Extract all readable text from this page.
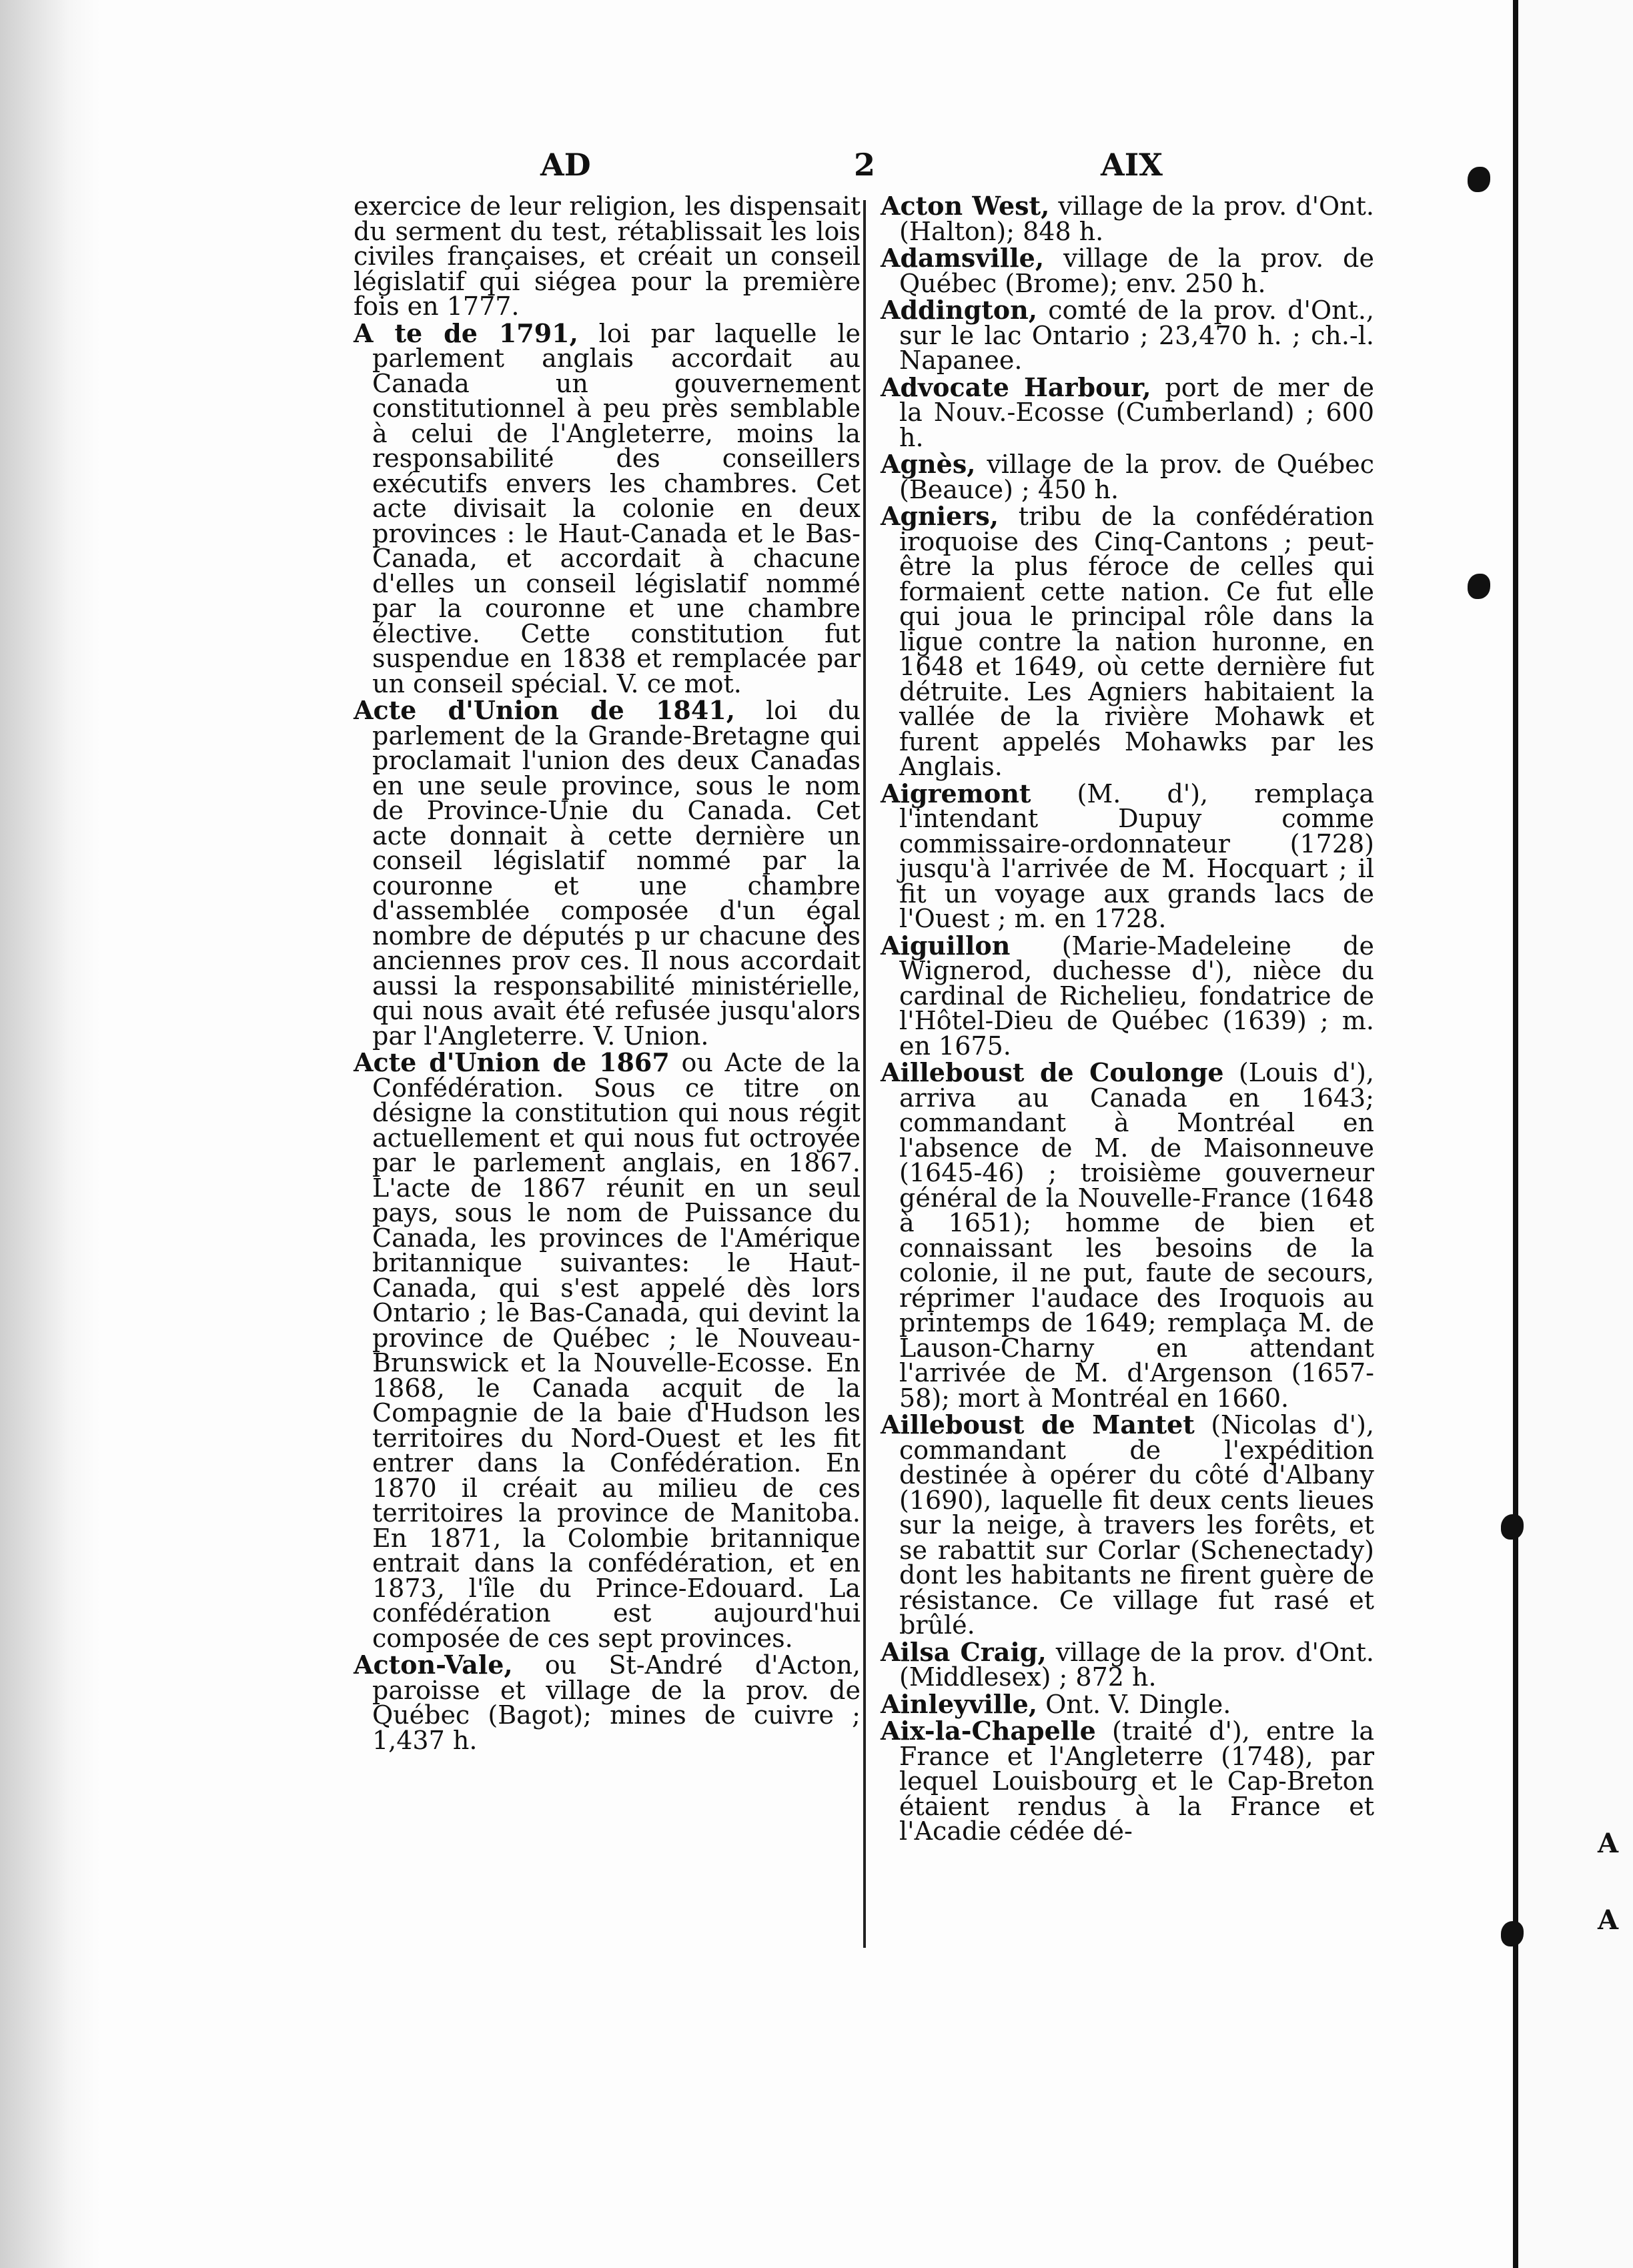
AD	2	AIX

exercice de leur religion, les dispensait du serment du test, rétablissait les lois civiles françaises, et créait un conseil législatif qui siégea pour la première fois en 1777.

A te de 1791, loi par laquelle le parlement anglais accordait au Canada un gouvernement constitutionnel à peu près semblable à celui de l'Angleterre, moins la responsabilité des conseillers exécutifs envers les chambres. Cet acte divisait la colonie en deux provinces : le Haut-Canada et le Bas-Canada, et accordait à chacune d'elles un conseil législatif nommé par la couronne et une chambre élective. Cette constitution fut suspendue en 1838 et remplacée par un conseil spécial. V. ce mot.

Acte d'Union de 1841, loi du parlement de la Grande-Bretagne qui proclamait l'union des deux Canadas en une seule province, sous le nom de Province-Unie du Canada. Cet acte donnait à cette dernière un conseil législatif nommé par la couronne et une chambre d'assemblée composée d'un égal nombre de députés p ur chacune des anciennes prov ces. Il nous accordait aussi la responsabilité ministérielle, qui nous avait été refusée jusqu'alors par l'Angleterre. V. Union.

Acte d'Union de 1867 ou Acte de la Confédération. Sous ce titre on désigne la constitution qui nous régit actuellement et qui nous fut octroyée par le parlement anglais, en 1867. L'acte de 1867 réunit en un seul pays, sous le nom de Puissance du Canada, les provinces de l'Amérique britannique suivantes: le Haut-Canada, qui s'est appelé dès lors Ontario ; le Bas-Canada, qui devint la province de Québec ; le Nouveau-Brunswick et la Nouvelle-Ecosse. En 1868, le Canada acquit de la Compagnie de la baie d'Hudson les territoires du Nord-Ouest et les fit entrer dans la Confédération. En 1870 il créait au milieu de ces territoires la province de Manitoba. En 1871, la Colombie britannique entrait dans la confédération, et en 1873, l'île du Prince-Edouard. La confédération est aujourd'hui composée de ces sept provinces.

Acton-Vale, ou St-André d'Acton, paroisse et village de la prov. de Québec (Bagot); mines de cuivre ; 1,437 h.

Acton West, village de la prov. d'Ont. (Halton); 848 h.

Adamsville, village de la prov. de Québec (Brome); env. 250 h.

Addington, comté de la prov. d'Ont., sur le lac Ontario ; 23,470 h. ; ch.-l. Napanee.

Advocate Harbour, port de mer de la Nouv.-Ecosse (Cumberland) ; 600 h.

Agnès, village de la prov. de Québec (Beauce) ; 450 h.

Agniers, tribu de la confédération iroquoise des Cinq-Cantons ; peut-être la plus féroce de celles qui formaient cette nation. Ce fut elle qui joua le principal rôle dans la ligue contre la nation huronne, en 1648 et 1649, où cette dernière fut détruite. Les Agniers habitaient la vallée de la rivière Mohawk et furent appelés Mohawks par les Anglais.

Aigremont (M. d'), remplaça l'intendant Dupuy comme commissaire-ordonnateur (1728) jusqu'à l'arrivée de M. Hocquart ; il fit un voyage aux grands lacs de l'Ouest ; m. en 1728.

Aiguillon (Marie-Madeleine de Wignerod, duchesse d'), nièce du cardinal de Richelieu, fondatrice de l'Hôtel-Dieu de Québec (1639) ; m. en 1675.

Ailleboust de Coulonge (Louis d'), arriva au Canada en 1643; commandant à Montréal en l'absence de M. de Maisonneuve (1645-46) ; troisième gouverneur général de la Nouvelle-France (1648 à 1651); homme de bien et connaissant les besoins de la colonie, il ne put, faute de secours, réprimer l'audace des Iroquois au printemps de 1649; remplaça M. de Lauson-Charny en attendant l'arrivée de M. d'Argenson (1657-58); mort à Montréal en 1660.

Ailleboust de Mantet (Nicolas d'), commandant de l'expédition destinée à opérer du côté d'Albany (1690), laquelle fit deux cents lieues sur la neige, à travers les forêts, et se rabattit sur Corlar (Schenectady) dont les habitants ne firent guère de résistance. Ce village fut rasé et brûlé.

Ailsa Craig, village de la prov. d'Ont. (Middlesex) ; 872 h.

Ainleyville, Ont. V. Dingle.

Aix-la-Chapelle (traité d'), entre la France et l'Angleterre (1748), par lequel Louisbourg et le Cap-Breton étaient rendus à la France et l'Acadie cédée dé-	A
A
